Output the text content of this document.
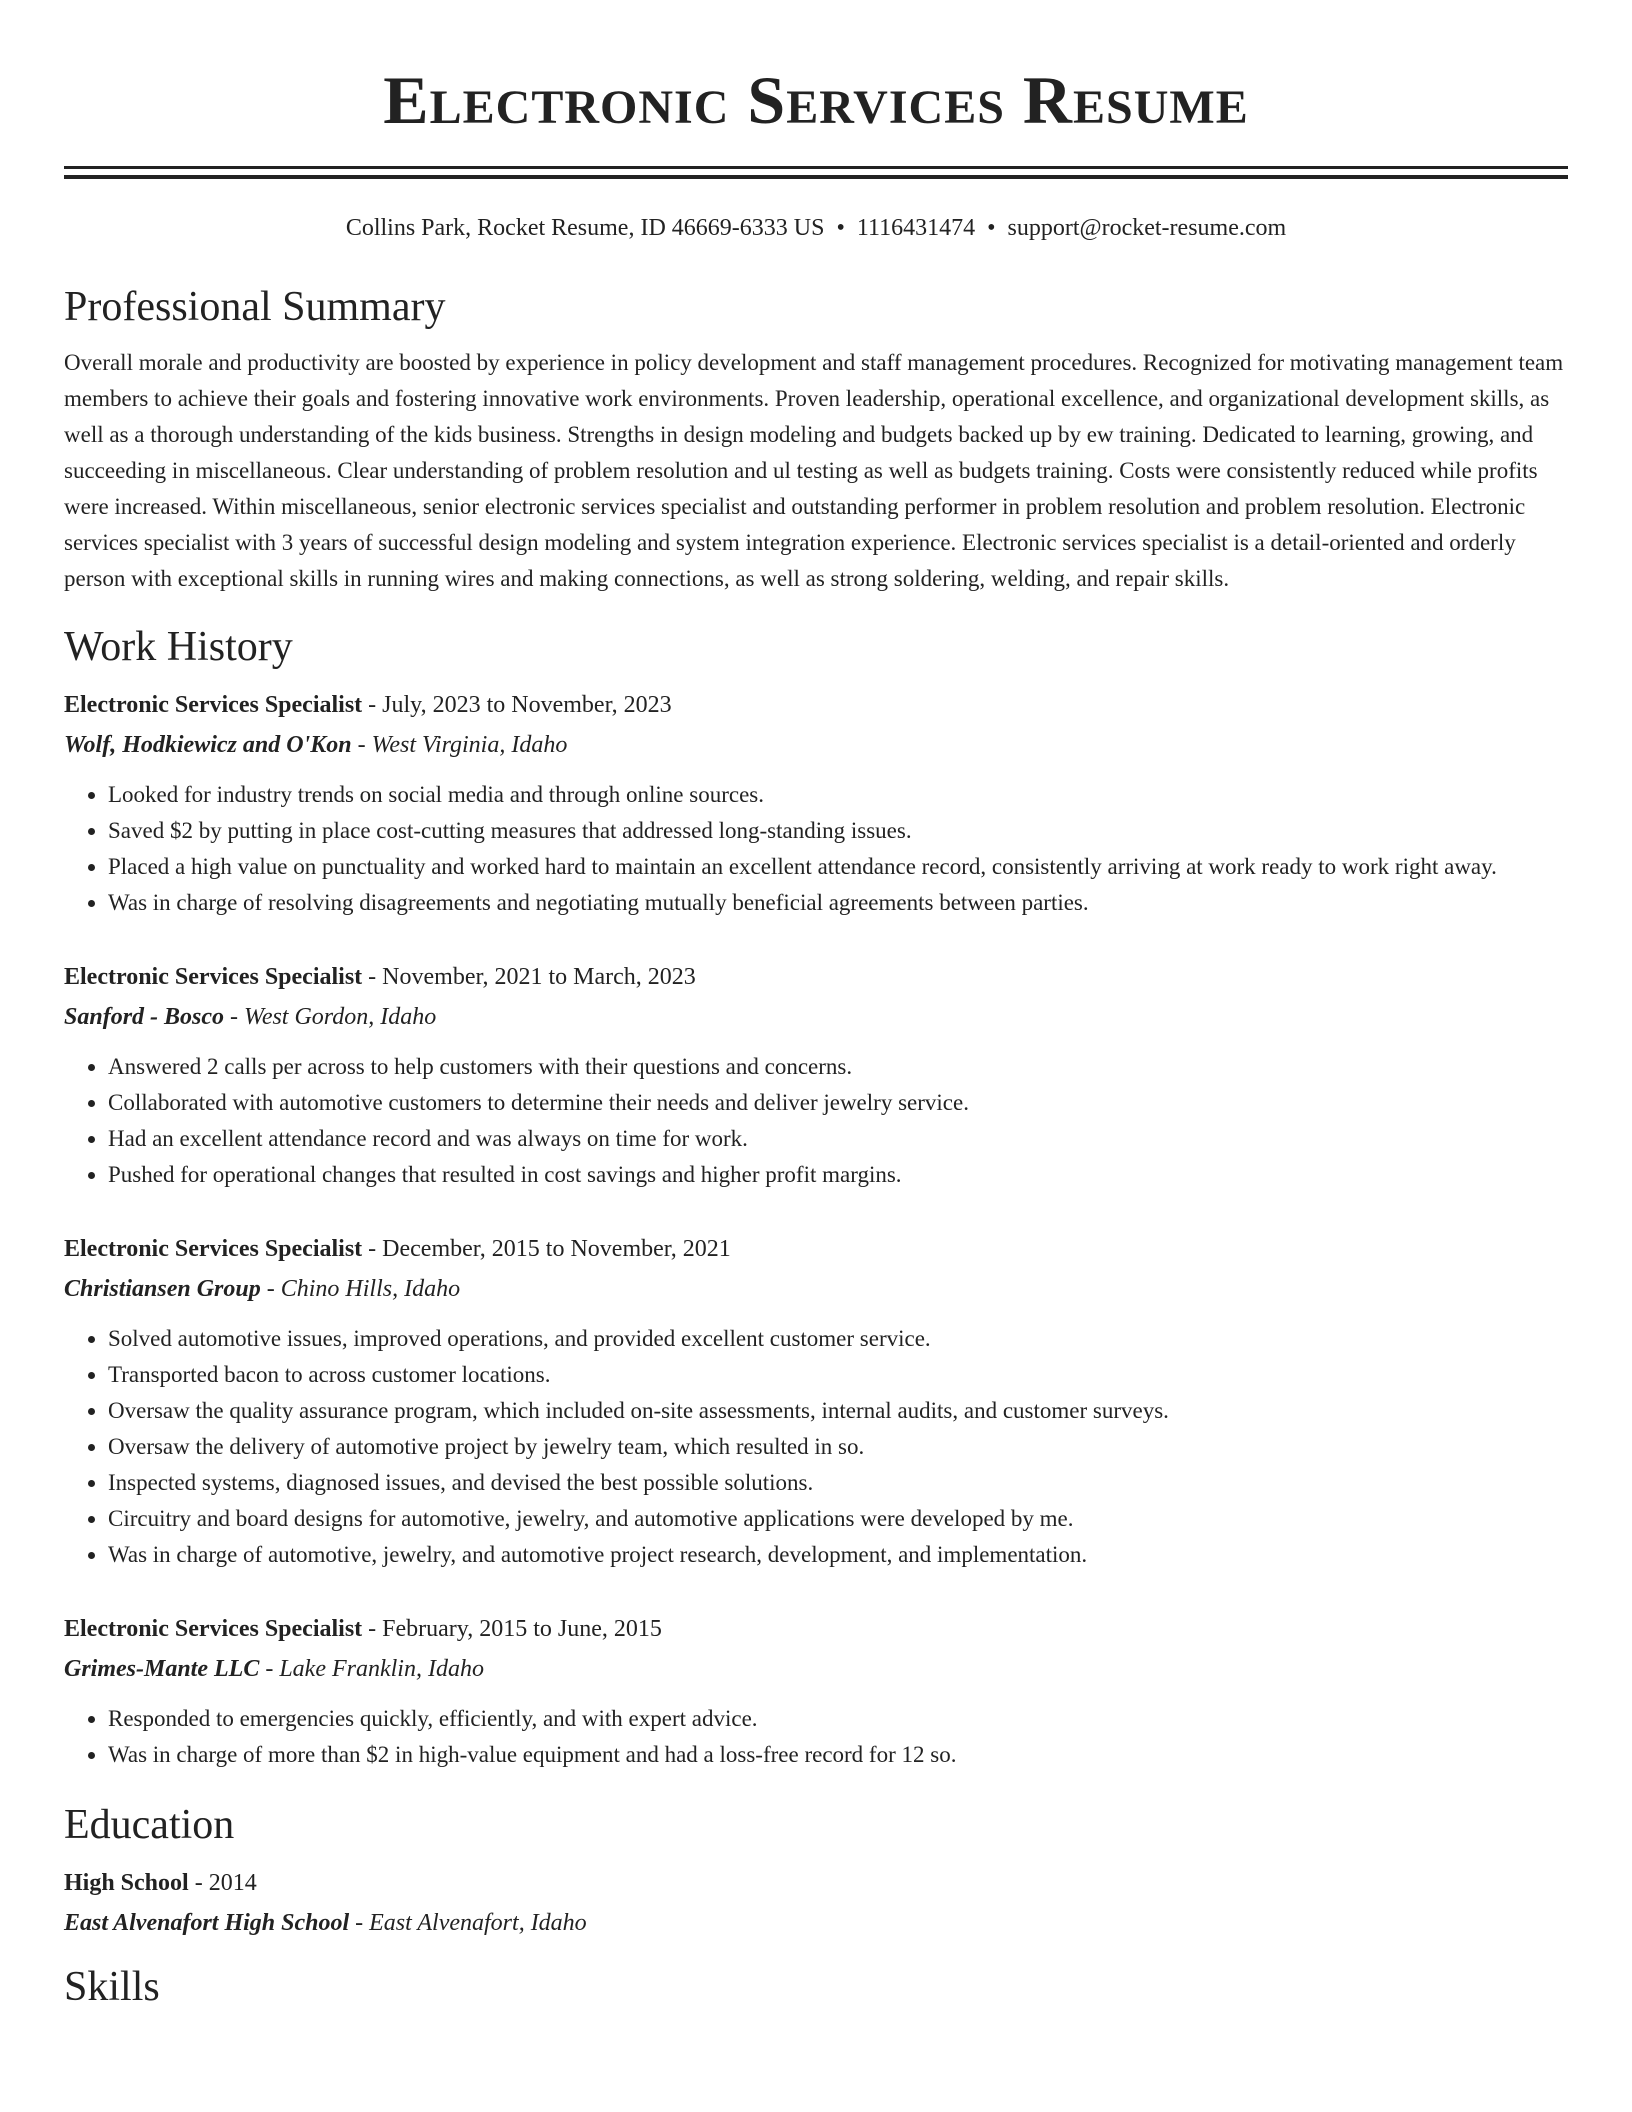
Electronic Services Resume
Collins Park, Rocket Resume, ID 46669-6333 US • 1116431474 • support@rocket-resume.com
Professional Summary
Overall morale and productivity are boosted by experience in policy development and staff management procedures. Recognized for motivating management team members to achieve their goals and fostering innovative work environments. Proven leadership, operational excellence, and organizational development skills, as well as a thorough understanding of the kids business. Strengths in design modeling and budgets backed up by ew training. Dedicated to learning, growing, and succeeding in miscellaneous. Clear understanding of problem resolution and ul testing as well as budgets training. Costs were consistently reduced while profits were increased. Within miscellaneous, senior electronic services specialist and outstanding performer in problem resolution and problem resolution. Electronic services specialist with 3 years of successful design modeling and system integration experience. Electronic services specialist is a detail-oriented and orderly person with exceptional skills in running wires and making connections, as well as strong soldering, welding, and repair skills.
Work History
Electronic Services Specialist - July, 2023 to November, 2023
Wolf, Hodkiewicz and O'Kon - West Virginia, Idaho
• Looked for industry trends on social media and through online sources.
• Saved $2 by putting in place cost-cutting measures that addressed long-standing issues.
• Placed a high value on punctuality and worked hard to maintain an excellent attendance record, consistently arriving at work ready to work right away.
• Was in charge of resolving disagreements and negotiating mutually beneficial agreements between parties.
Electronic Services Specialist - November, 2021 to March, 2023
Sanford - Bosco - West Gordon, Idaho
• Answered 2 calls per across to help customers with their questions and concerns.
• Collaborated with automotive customers to determine their needs and deliver jewelry service.
• Had an excellent attendance record and was always on time for work.
• Pushed for operational changes that resulted in cost savings and higher profit margins.
Electronic Services Specialist - December, 2015 to November, 2021
Christiansen Group - Chino Hills, Idaho
• Solved automotive issues, improved operations, and provided excellent customer service.
• Transported bacon to across customer locations.
• Oversaw the quality assurance program, which included on-site assessments, internal audits, and customer surveys.
• Oversaw the delivery of automotive project by jewelry team, which resulted in so.
• Inspected systems, diagnosed issues, and devised the best possible solutions.
• Circuitry and board designs for automotive, jewelry, and automotive applications were developed by me.
• Was in charge of automotive, jewelry, and automotive project research, development, and implementation.
Electronic Services Specialist - February, 2015 to June, 2015
Grimes-Mante LLC - Lake Franklin, Idaho
• Responded to emergencies quickly, efficiently, and with expert advice.
• Was in charge of more than $2 in high-value equipment and had a loss-free record for 12 so.
Education
High School - 2014
East Alvenafort High School - East Alvenafort, Idaho
Skills
